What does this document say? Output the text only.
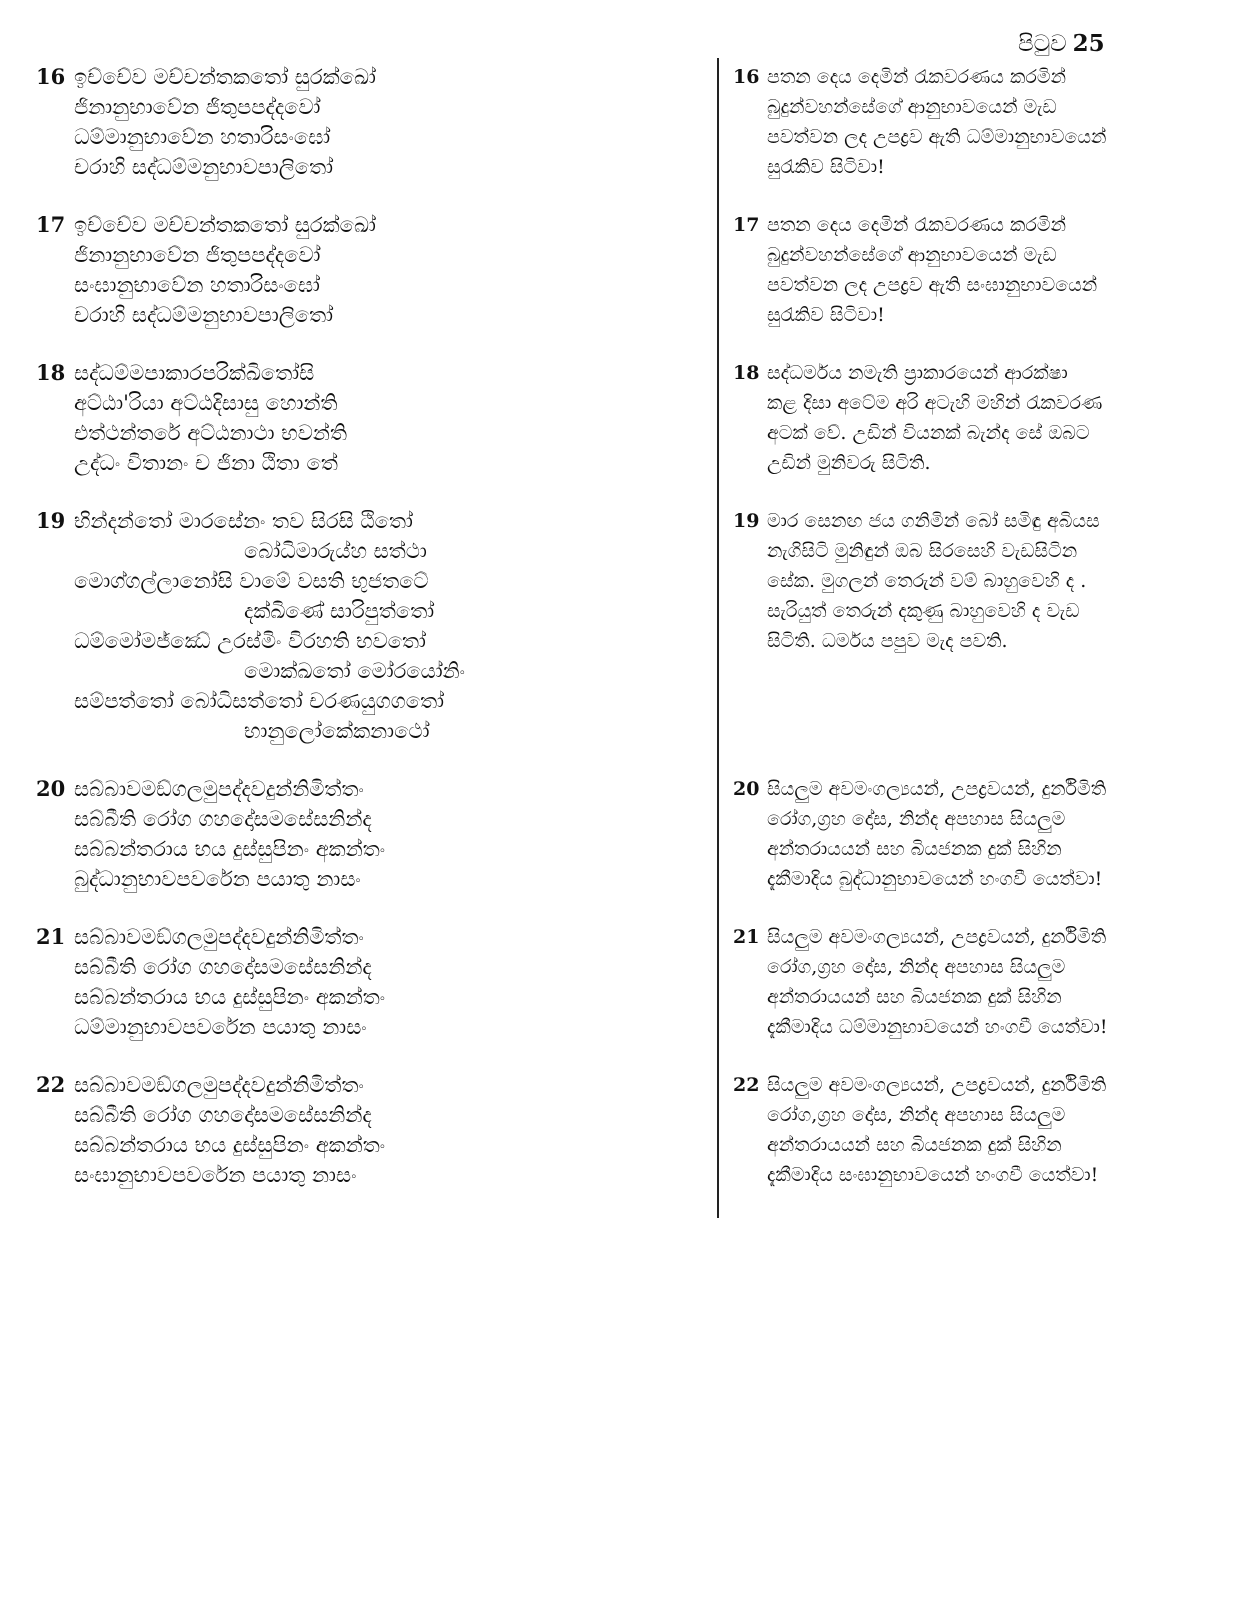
පිටුව 25
16 ඉච්චේව මච්චන්තකතෝ සුරක්ඛෝ
ජිනානුභාවේන ජිතුපපද්දවෝ
ධම්මානුභාවේන හතාරිසංඝෝ
චරාහි සද්ධම්මනුභාවපාලිතෝ
17 ඉච්චේව මච්චන්තකතෝ සුරක්ඛෝ
ජිනානුභාවේන ජිතුපපද්දවෝ
සංඝානුභාවේන හතාරිසංඝෝ
චරාහි සද්ධම්මනුභාවපාලිතෝ
18 සද්ධම්මපාකාරපරික්ඛිතෝසි
අට්ඨා'රියා අට්ඨදිසාසු හොන්ති
එත්ථන්තරේ අට්ඨනාථා භවන්ති
උද්ධං විතානං ච ජිනා ඨිතා තේ
19 භින්දන්තෝ මාරසේනං තව සිරසි ඨිතෝ
බෝධිමාරුය්හ සත්ථා
මොග්ගල්ලානෝසි වාමේ වසති භුජතටේ
දක්ඛිණේ සාරිපුත්තෝ
ධම්මෝමජ්ඣේ උරස්මිං විරහති භවතෝ
මොක්ඛතෝ මෝරයෝනිං
සම්පත්තෝ බෝධිසත්තෝ චරණයුගගතෝ
භානුලෝකේකනාථෝ
20 සබ්බාවමඞ්ගලමුපද්දවදුන්නිමිත්තං
සබ්බීති රෝග ගහදෝසමසේසනින්ද
සබ්බන්තරාය භය දුස්සුපිනං අකන්තං
බුද්ධානුභාවපවරේන පයාතු නාසං
21 සබ්බාවමඞ්ගලමුපද්දවදුන්නිමිත්තං
සබ්බීති රෝග ගහදෝසමසේසනින්ද
සබ්බන්තරාය භය දුස්සුපිනං අකන්තං
ධම්මානුභාවපවරේන පයාතු නාසං
22 සබ්බාවමඞ්ගලමුපද්දවදුන්නිමිත්තං
සබ්බීති රෝග ගහදෝසමසේසනින්ද
සබ්බන්තරාය භය දුස්සුපිනං අකන්තං
සංඝානුභාවපවරේන පයාතු නාසං
16 පතන දෙය දෙමින් රැකවරණය කරමින්
බුදුන්වහන්සේගේ ආනුභාවයෙන් මැඩ
පවත්වන ලද උපද්‍රව ඇති ධම්මානුභාවයෙන්
සුරැකිව සිටිවා!
17 පතන දෙය දෙමින් රැකවරණය කරමින්
බුදුන්වහන්සේගේ ආනුභාවයෙන් මැඩ
පවත්වන ලද උපද්‍රව ඇති සංඝානුභාවයෙන්
සුරැකිව සිටිවා!
18 සද්ධර්මය නමැති ප්‍රාකාරයෙන් ආරක්ෂා
කළ දිසා අටේම අරි අටැහි මහින් රැකවරණ
අටක් වේ. උඩින් වියනක් බැන්ද සේ ඔබට
උඩින් මුනිවරු සිටිති.
19 මාර සෙනඟ ජය ගනිමින් බෝ සමිඳු අබියස
නැගිසිටි මුනිඳුන් ඔබ සිරසෙහි වැඩසිටින
සේක. මුගලන් තෙරුන් වම් බාහුවෙහි ද .
සැරියුත් තෙරුන් දකුණු බාහුවෙහි ද වැඩ
සිටිති. ධර්මය පපුව මැද පවති.
20 සියලුම අවමංගල්‍යයන්, උපද්‍රවයන්, දුර්නිමිති
රෝග,ග්‍රහ දෝස, නින්ද අපහාස සියලුම
අන්තරායයන් සහ බියජනක දුක් සිහින
දැකීමාදිය බුද්ධානුභාවයෙන් හංගවී යෙත්වා!
21 සියලුම අවමංගල්‍යයන්, උපද්‍රවයන්, දුර්නිමිති
රෝග,ග්‍රහ දෝස, නින්ද අපහාස සියලුම
අන්තරායයන් සහ බියජනක දුක් සිහින
දැකීමාදිය ධම්මානුභාවයෙන් හංගවී යෙත්වා!
22 සියලුම අවමංගල්‍යයන්, උපද්‍රවයන්, දුර්නිමිති
රෝග,ග්‍රහ දෝස, නින්ද අපහාස සියලුම
අන්තරායයන් සහ බියජනක දුක් සිහින
දැකීමාදිය සංඝානුභාවයෙන් හංගවී යෙත්වා!
